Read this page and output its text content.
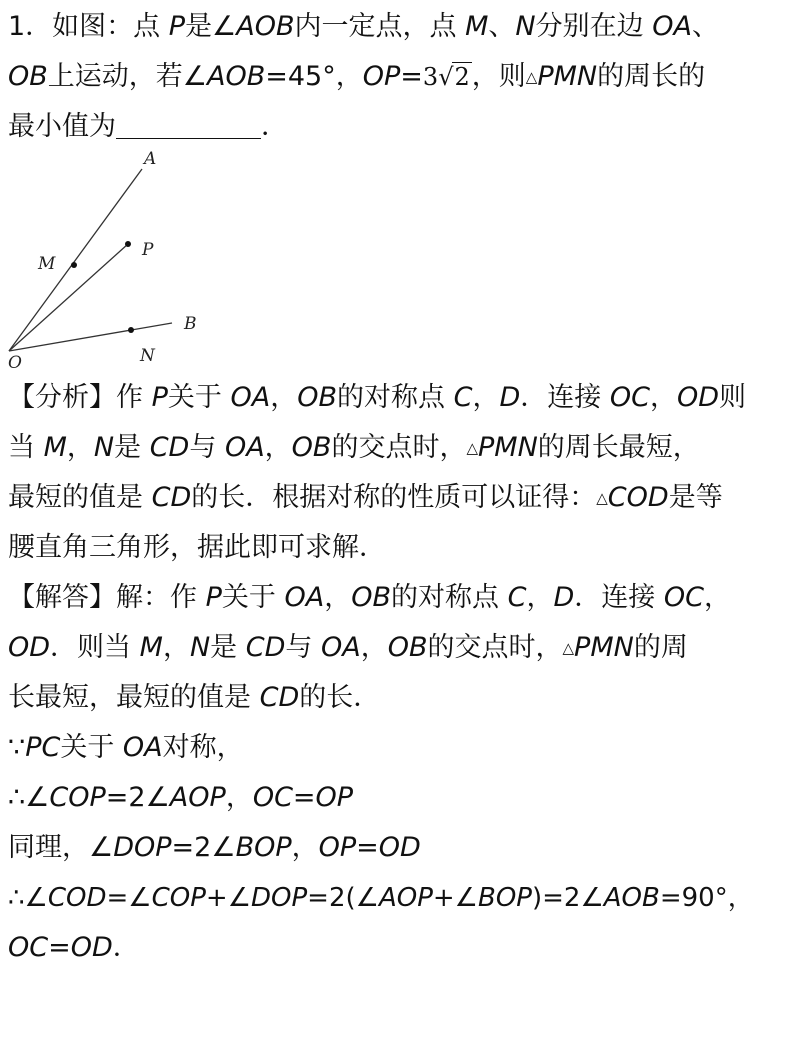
1．如图：点 P是∠AOB内一定点，点 M、N分别在边 OA、
OB上运动，若∠AOB=45°，OP=3√2，则△PMN的周长的
最小值为	．
A
P
M
B
O	N
【分析】作 P关于 OA，OB的对称点 C，D．连接 OC，OD则
当 M，N是 CD与 OA，OB的交点时，△PMN的周长最短，
最短的值是 CD的长．根据对称的性质可以证得：△COD是等
腰直角三角形，据此即可求解．
【解答】解：作 P关于 OA，OB的对称点 C，D．连接 OC，
OD．则当 M，N是 CD与 OA，OB的交点时，△PMN的周
长最短，最短的值是 CD的长．
∵PC关于 OA对称，
∴∠COP=2∠AOP，OC=OP
同理，∠DOP=2∠BOP，OP=OD
∴∠COD=∠COP+∠DOP=2(∠AOP+∠BOP)=2∠AOB=90°，
OC=OD．
